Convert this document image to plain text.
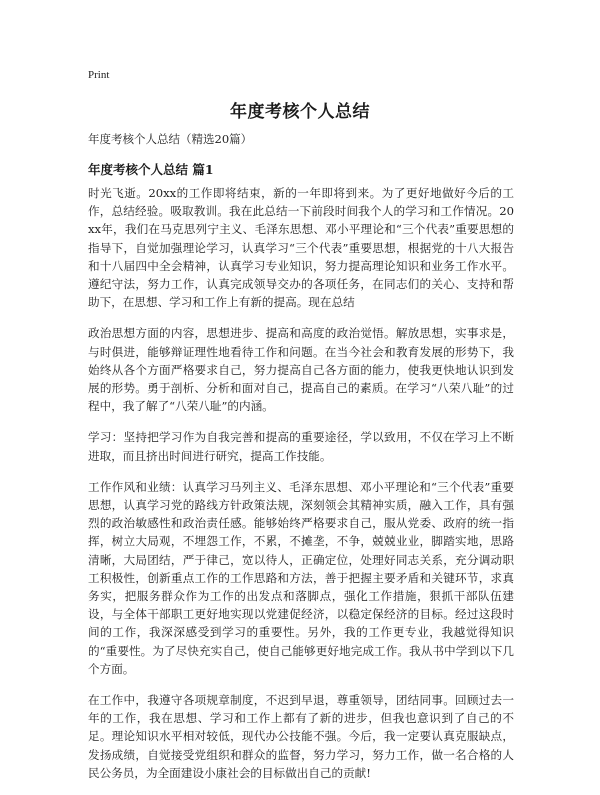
Print
年度考核个人总结
年度考核个人总结（精选20篇）
年度考核个人总结 篇1

时光飞逝。20xx的工作即将结束，新的一年即将到来。为了更好地做好今后的工作，总结经验。吸取教训。我在此总结一下前段时间我个人的学习和工作情况。20xx年，我们在马克思列宁主义、毛泽东思想、邓小平理论和“三个代表”重要思想的指导下，自觉加强理论学习，认真学习“三个代表”重要思想，根据党的十八大报告和十八届四中全会精神，认真学习专业知识，努力提高理论知识和业务工作水平。遵纪守法，努力工作，认真完成领导交办的各项任务，在同志们的关心、支持和帮助下，在思想、学习和工作上有新的提高。现在总结

政治思想方面的内容，思想进步、提高和高度的政治觉悟。解放思想，实事求是，与时俱进，能够辩证理性地看待工作和问题。在当今社会和教育发展的形势下，我始终从各个方面严格要求自己，努力提高自己各方面的能力，使我更快地认识到发展的形势。勇于剖析、分析和面对自己，提高自己的素质。在学习“八荣八耻”的过程中，我了解了“八荣八耻”的内涵。

学习：坚持把学习作为自我完善和提高的重要途径，学以致用，不仅在学习上不断进取，而且挤出时间进行研究，提高工作技能。

工作作风和业绩：认真学习马列主义、毛泽东思想、邓小平理论和“三个代表”重要思想，认真学习党的路线方针政策法规，深刻领会其精神实质，融入工作，具有强烈的政治敏感性和政治责任感。能够始终严格要求自己，服从党委、政府的统一指挥，树立大局观，不埋怨工作，不累，不摊垄，不争，兢兢业业，脚踏实地，思路清晰，大局团结，严于律己，宽以待人，正确定位，处理好同志关系，充分调动职工积极性，创新重点工作的工作思路和方法，善于把握主要矛盾和关键环节，求真务实，把服务群众作为工作的出发点和落脚点，强化工作措施，狠抓干部队伍建设，与全体干部职工更好地实现以党建促经济，以稳定保经济的目标。经过这段时间的工作，我深深感受到学习的重要性。另外，我的工作更专业，我越觉得知识的“重要性。为了尽快充实自己，使自己能够更好地完成工作。我从书中学到以下几个方面。

在工作中，我遵守各项规章制度，不迟到早退，尊重领导，团结同事。回顾过去一年的工作，我在思想、学习和工作上都有了新的进步，但我也意识到了自己的不足。理论知识水平相对较低，现代办公技能不强。今后，我一定要认真克服缺点，发扬成绩，自觉接受党组织和群众的监督，努力学习，努力工作，做一名合格的人民公务员，为全面建设小康社会的目标做出自己的贡献!
